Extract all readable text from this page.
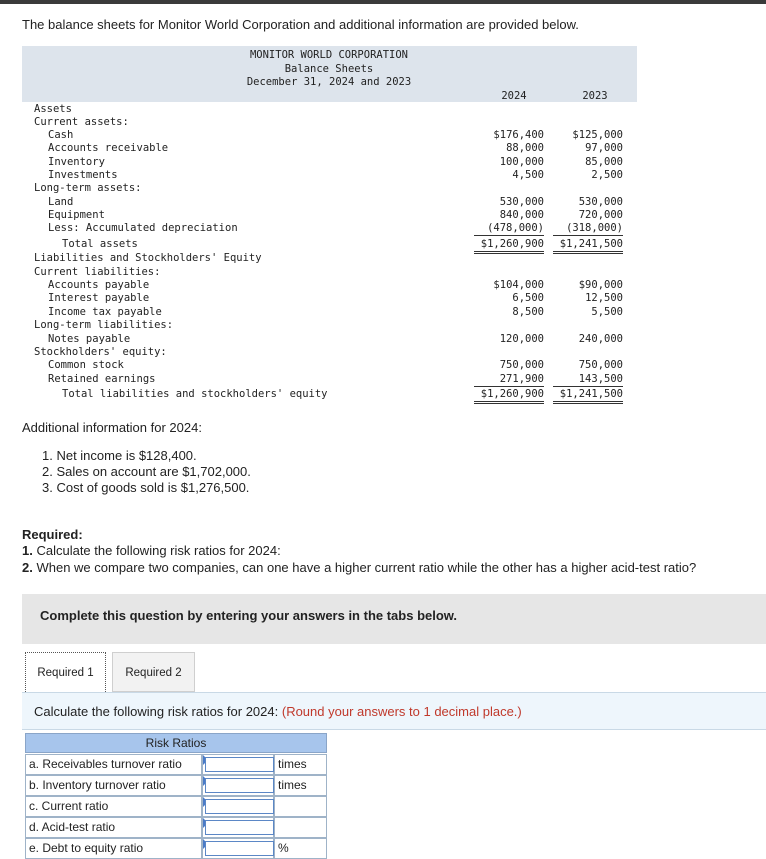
The balance sheets for Monitor World Corporation and additional information are provided below.
MONITOR WORLD CORPORATION
Balance Sheets
December 31, 2024 and 2023
2024	2023
Assets
Current assets:
Cash	$176,400	$125,000
Accounts receivable	88,000	97,000
Inventory	100,000	85,000
Investments	4,500	2,500
Long-term assets:
Land	530,000	530,000
Equipment	840,000	720,000
Less: Accumulated depreciation	(478,000)	(318,000)
Total assets	$1,260,900	$1,241,500
Liabilities and Stockholders' Equity
Current liabilities:
Accounts payable	$104,000	$90,000
Interest payable	6,500	12,500
Income tax payable	8,500	5,500
Long-term liabilities:
Notes payable	120,000	240,000
Stockholders' equity:
Common stock	750,000	750,000
Retained earnings	271,900	143,500
Total liabilities and stockholders' equity	$1,260,900	$1,241,500
Additional information for 2024:
1. Net income is $128,400.
2. Sales on account are $1,702,000.
3. Cost of goods sold is $1,276,500.
Required:
1. Calculate the following risk ratios for 2024:
2. When we compare two companies, can one have a higher current ratio while the other has a higher acid-test ratio?
Complete this question by entering your answers in the tabs below.
Required 1	Required 2
Calculate the following risk ratios for 2024: (Round your answers to 1 decimal place.)
Risk Ratios
a. Receivables turnover ratio	times
b. Inventory turnover ratio	times
c. Current ratio
d. Acid-test ratio
e. Debt to equity ratio	%
